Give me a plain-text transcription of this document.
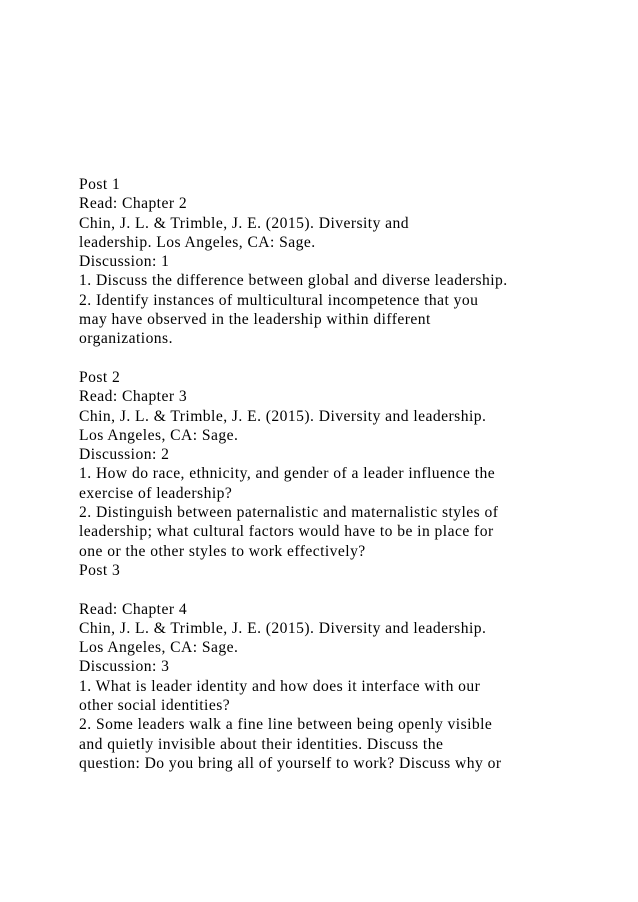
Post 1
Read: Chapter 2
Chin, J. L. & Trimble, J. E. (2015). Diversity and
leadership. Los Angeles, CA: Sage.
Discussion: 1
1. Discuss the difference between global and diverse leadership.
2. Identify instances of multicultural incompetence that you
may have observed in the leadership within different
organizations.
Post 2
Read: Chapter 3
Chin, J. L. & Trimble, J. E. (2015). Diversity and leadership.
Los Angeles, CA: Sage.
Discussion: 2
1. How do race, ethnicity, and gender of a leader influence the
exercise of leadership?
2. Distinguish between paternalistic and maternalistic styles of
leadership; what cultural factors would have to be in place for
one or the other styles to work effectively?
Post 3
Read: Chapter 4
Chin, J. L. & Trimble, J. E. (2015). Diversity and leadership.
Los Angeles, CA: Sage.
Discussion: 3
1. What is leader identity and how does it interface with our
other social identities?
2. Some leaders walk a fine line between being openly visible
and quietly invisible about their identities. Discuss the
question: Do you bring all of yourself to work? Discuss why or
